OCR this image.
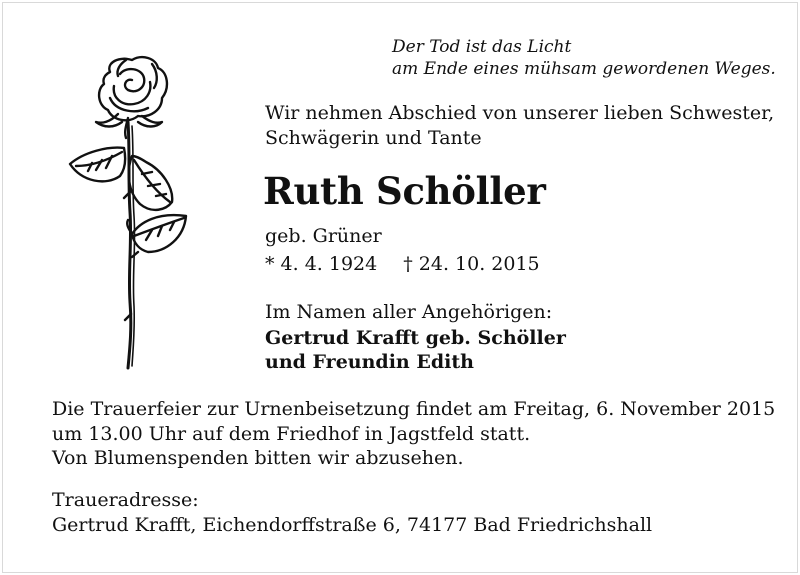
Der Tod ist das Licht
am Ende eines mühsam gewordenen Weges.
Wir nehmen Abschied von unserer lieben Schwester,
Schwägerin und Tante
Ruth Schöller
geb. Grüner
* 4. 4. 1924 † 24. 10. 2015
Im Namen aller Angehörigen:
Gertrud Krafft geb. Schöller
und Freundin Edith
Die Trauerfeier zur Urnenbeisetzung findet am Freitag, 6. November 2015
um 13.00 Uhr auf dem Friedhof in Jagstfeld statt.
Von Blumenspenden bitten wir abzusehen.
Traueradresse:
Gertrud Krafft, Eichendorffstraße 6, 74177 Bad Friedrichshall
